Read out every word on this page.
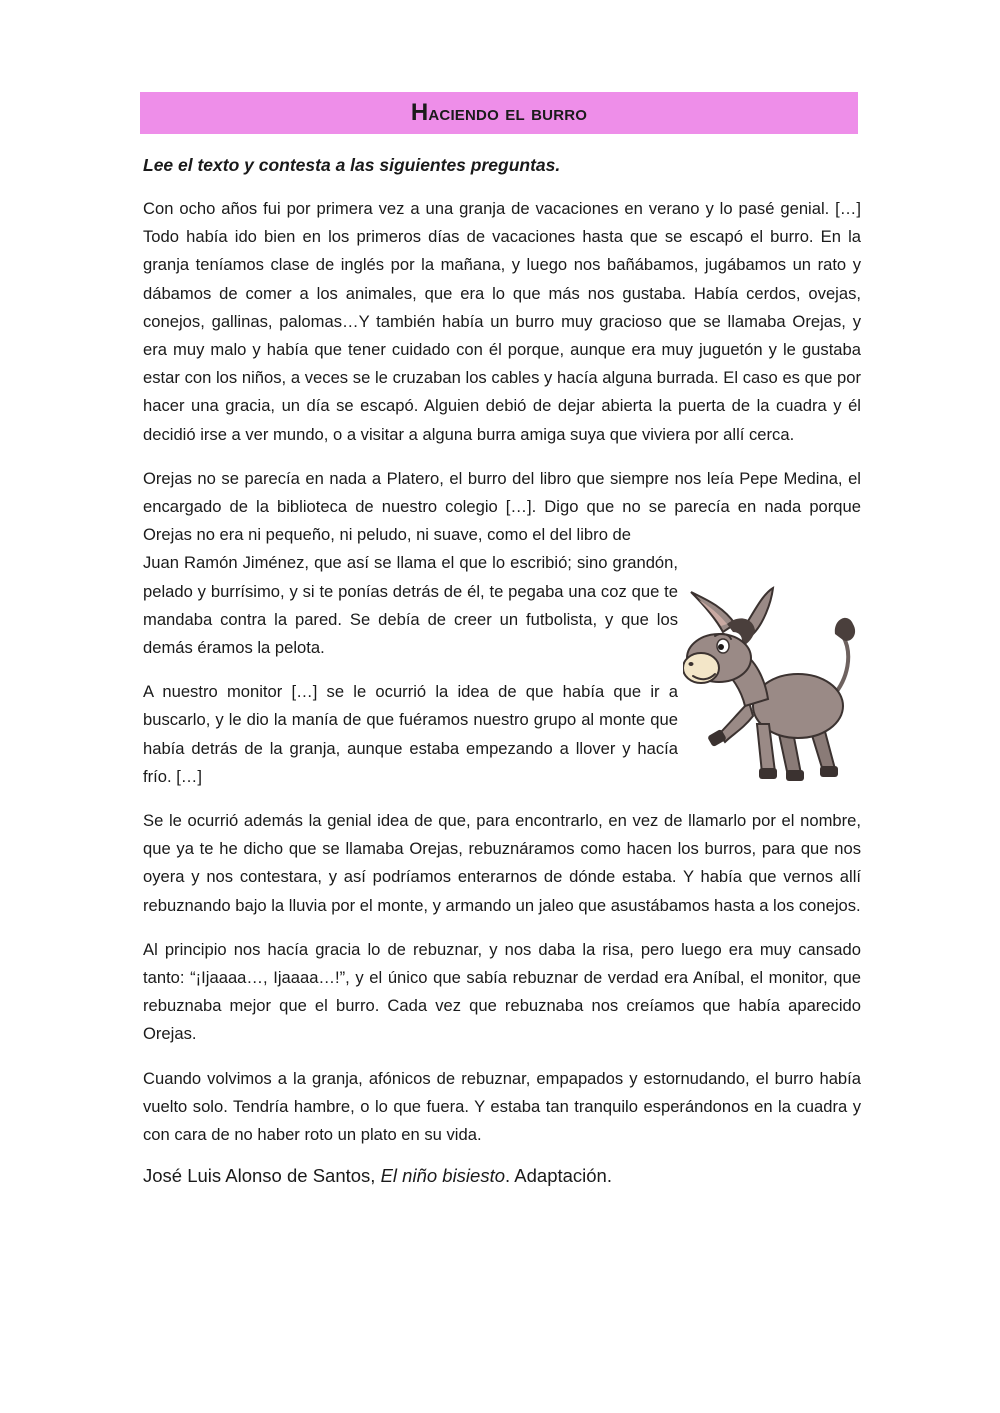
Haciendo el burro
Lee el texto y contesta a las siguientes preguntas.

Con ocho años fui por primera vez a una granja de vacaciones en verano y lo pasé genial. […] Todo había ido bien en los primeros días de vacaciones hasta que se escapó el burro. En la granja teníamos clase de inglés por la mañana, y luego nos bañábamos, jugábamos un rato y dábamos de comer a los animales, que era lo que más nos gustaba. Había cerdos, ovejas, conejos, gallinas, palomas…Y también había un burro muy gracioso que se llamaba Orejas, y era muy malo y había que tener cuidado con él porque, aunque era muy juguetón y le gustaba estar con los niños, a veces se le cruzaban los cables y hacía alguna burrada. El caso es que por hacer una gracia, un día se escapó. Alguien debió de dejar abierta la puerta de la cuadra y él decidió irse a ver mundo, o a visitar a alguna burra amiga suya que viviera por allí cerca.

Orejas no se parecía en nada a Platero, el burro del libro que siempre nos leía Pepe Medina, el encargado de la biblioteca de nuestro colegio […]. Digo que no se parecía en nada porque Orejas no era ni pequeño, ni peludo, ni suave, como el del libro de

Juan Ramón Jiménez, que así se llama el que lo escribió; sino grandón, pelado y burrísimo, y si te ponías detrás de él, te pegaba una coz que te mandaba contra la pared. Se debía de creer un futbolista, y que los demás éramos la pelota.

A nuestro monitor […] se le ocurrió la idea de que había que ir a buscarlo, y le dio la manía de que fuéramos nuestro grupo al monte que había detrás de la granja, aunque estaba empezando a llover y hacía frío. […]

Se le ocurrió además la genial idea de que, para encontrarlo, en vez de llamarlo por el nombre, que ya te he dicho que se llamaba Orejas, rebuznáramos como hacen los burros, para que nos oyera y nos contestara, y así podríamos enterarnos de dónde estaba. Y había que vernos allí rebuznando bajo la lluvia por el monte, y armando un jaleo que asustábamos hasta a los conejos.

Al principio nos hacía gracia lo de rebuznar, y nos daba la risa, pero luego era muy cansado tanto: “¡Ijaaaa…, Ijaaaa…!”, y el único que sabía rebuznar de verdad era Aníbal, el monitor, que rebuznaba mejor que el burro. Cada vez que rebuznaba nos creíamos que había aparecido Orejas.

Cuando volvimos a la granja, afónicos de rebuznar, empapados y estornudando, el burro había vuelto solo. Tendría hambre, o lo que fuera. Y estaba tan tranquilo esperándonos en la cuadra y con cara de no haber roto un plato en su vida.

José Luis Alonso de Santos, El niño bisiesto. Adaptación.
